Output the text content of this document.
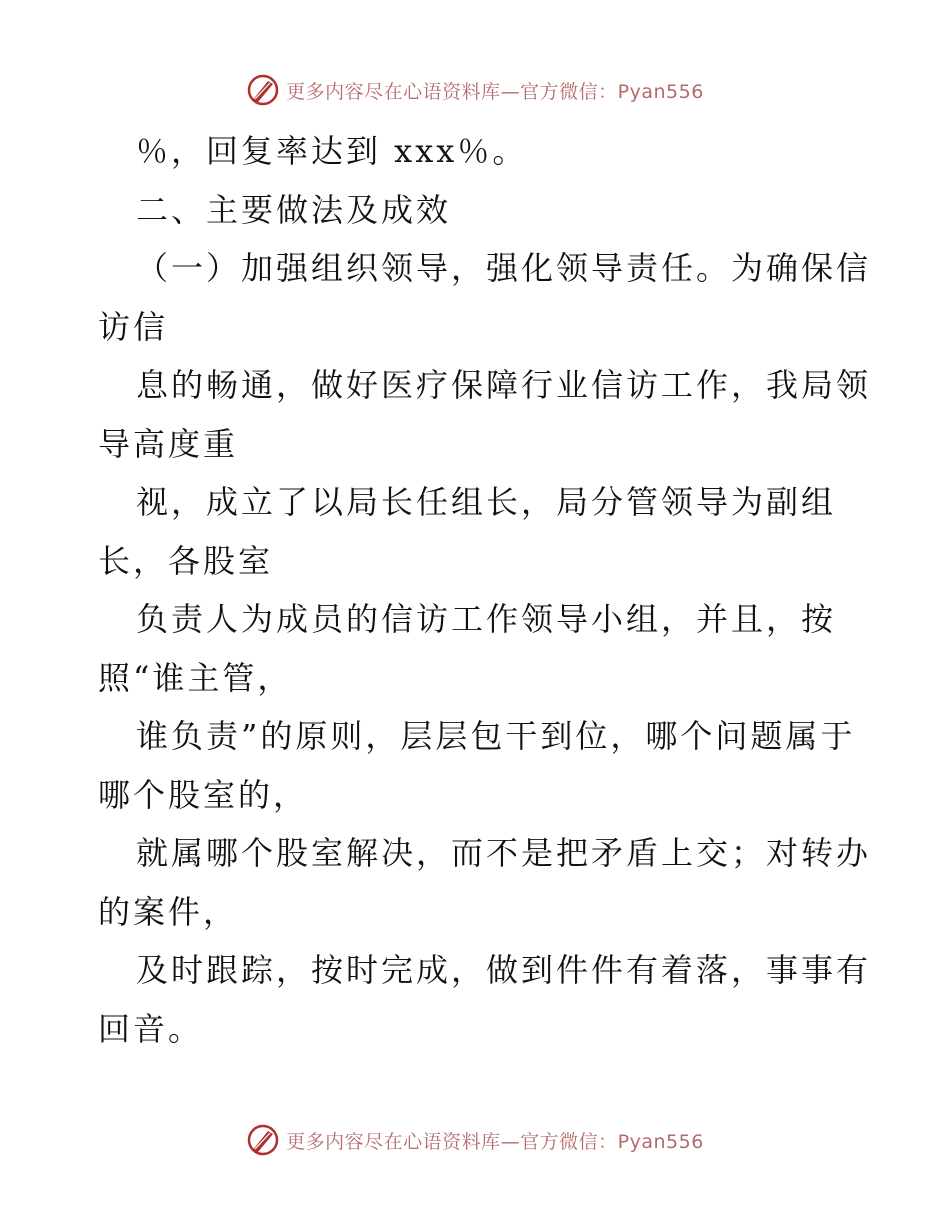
更多内容尽在心语资料库—官方微信：Pyan556
％，回复率达到 xxx％。
二、主要做法及成效
（一）加强组织领导，强化领导责任。为确保信
访信
息的畅通，做好医疗保障行业信访工作，我局领
导高度重
视，成立了以局长任组长，局分管领导为副组
长，各股室
负责人为成员的信访工作领导小组，并且，按
照“谁主管，
谁负责”的原则，层层包干到位，哪个问题属于
哪个股室的，
就属哪个股室解决，而不是把矛盾上交；对转办
的案件，
及时跟踪，按时完成，做到件件有着落，事事有
回音。
更多内容尽在心语资料库—官方微信：Pyan556
